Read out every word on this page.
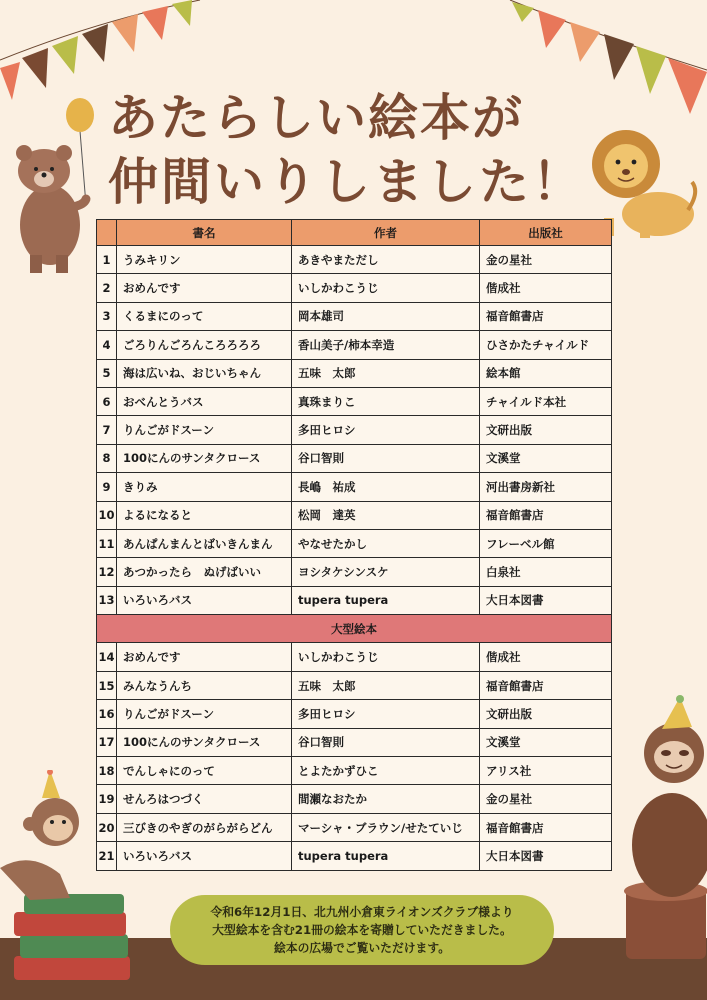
あたらしい絵本が
仲間いりしました！
	書名	作者	出版社
1	うみキリン	あきやまただし	金の星社
2	おめんです	いしかわこうじ	偕成社
3	くるまにのって	岡本雄司	福音館書店
4	ごろりんごろんころろろろ	香山美子/柿本幸造	ひさかたチャイルド
5	海は広いね、おじいちゃん	五味　太郎	絵本館
6	おべんとうバス	真珠まりこ	チャイルド本社
7	りんごがドスーン	多田ヒロシ	文研出版
8	100にんのサンタクロース	谷口智則	文溪堂
9	きりみ	長嶋　祐成	河出書房新社
10	よるになると	松岡　達英	福音館書店
11	あんぱんまんとばいきんまん	やなせたかし	フレーベル館
12	あつかったら　ぬげばいい	ヨシタケシンスケ	白泉社
13	いろいろバス	tupera tupera	大日本図書
大型絵本			
14	おめんです	いしかわこうじ	偕成社
15	みんなうんち	五味　太郎	福音館書店
16	りんごがドスーン	多田ヒロシ	文研出版
17	100にんのサンタクロース	谷口智則	文溪堂
18	でんしゃにのって	とよたかずひこ	アリス社
19	せんろはつづく	間瀬なおたか	金の星社
20	三びきのやぎのがらがらどん	マーシャ・ブラウン/せたていじ	福音館書店
21	いろいろバス	tupera tupera	大日本図書
令和6年12月1日、北九州小倉東ライオンズクラブ様より
大型絵本を含む21冊の絵本を寄贈していただきました。
絵本の広場でご覧いただけます。
